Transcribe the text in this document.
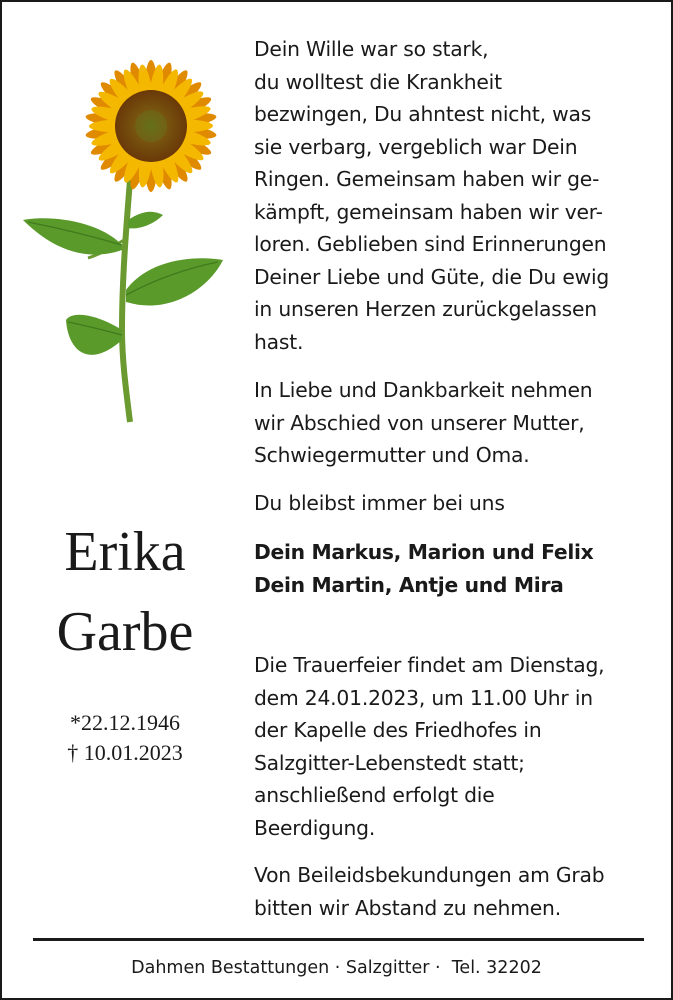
Dein Wille war so stark,
du wolltest die Krankheit
bezwingen, Du ahntest nicht, was
sie verbarg, vergeblich war Dein
Ringen. Gemeinsam haben wir ge-
kämpft, gemeinsam haben wir ver-
loren. Geblieben sind Erinnerungen
Deiner Liebe und Güte, die Du ewig
in unseren Herzen zurückgelassen
hast.
In Liebe und Dankbarkeit nehmen
wir Abschied von unserer Mutter,
Schwiegermutter und Oma.
Du bleibst immer bei uns
Dein Markus, Marion und Felix
Dein Martin, Antje und Mira
Erika
Garbe
*22.12.1946
† 10.01.2023
Die Trauerfeier findet am Dienstag,
dem 24.01.2023, um 11.00 Uhr in
der Kapelle des Friedhofes in
Salzgitter-Lebenstedt statt;
anschließend erfolgt die
Beerdigung.
Von Beileidsbekundungen am Grab
bitten wir Abstand zu nehmen.
Dahmen Bestattungen · Salzgitter ·  Tel. 32202
